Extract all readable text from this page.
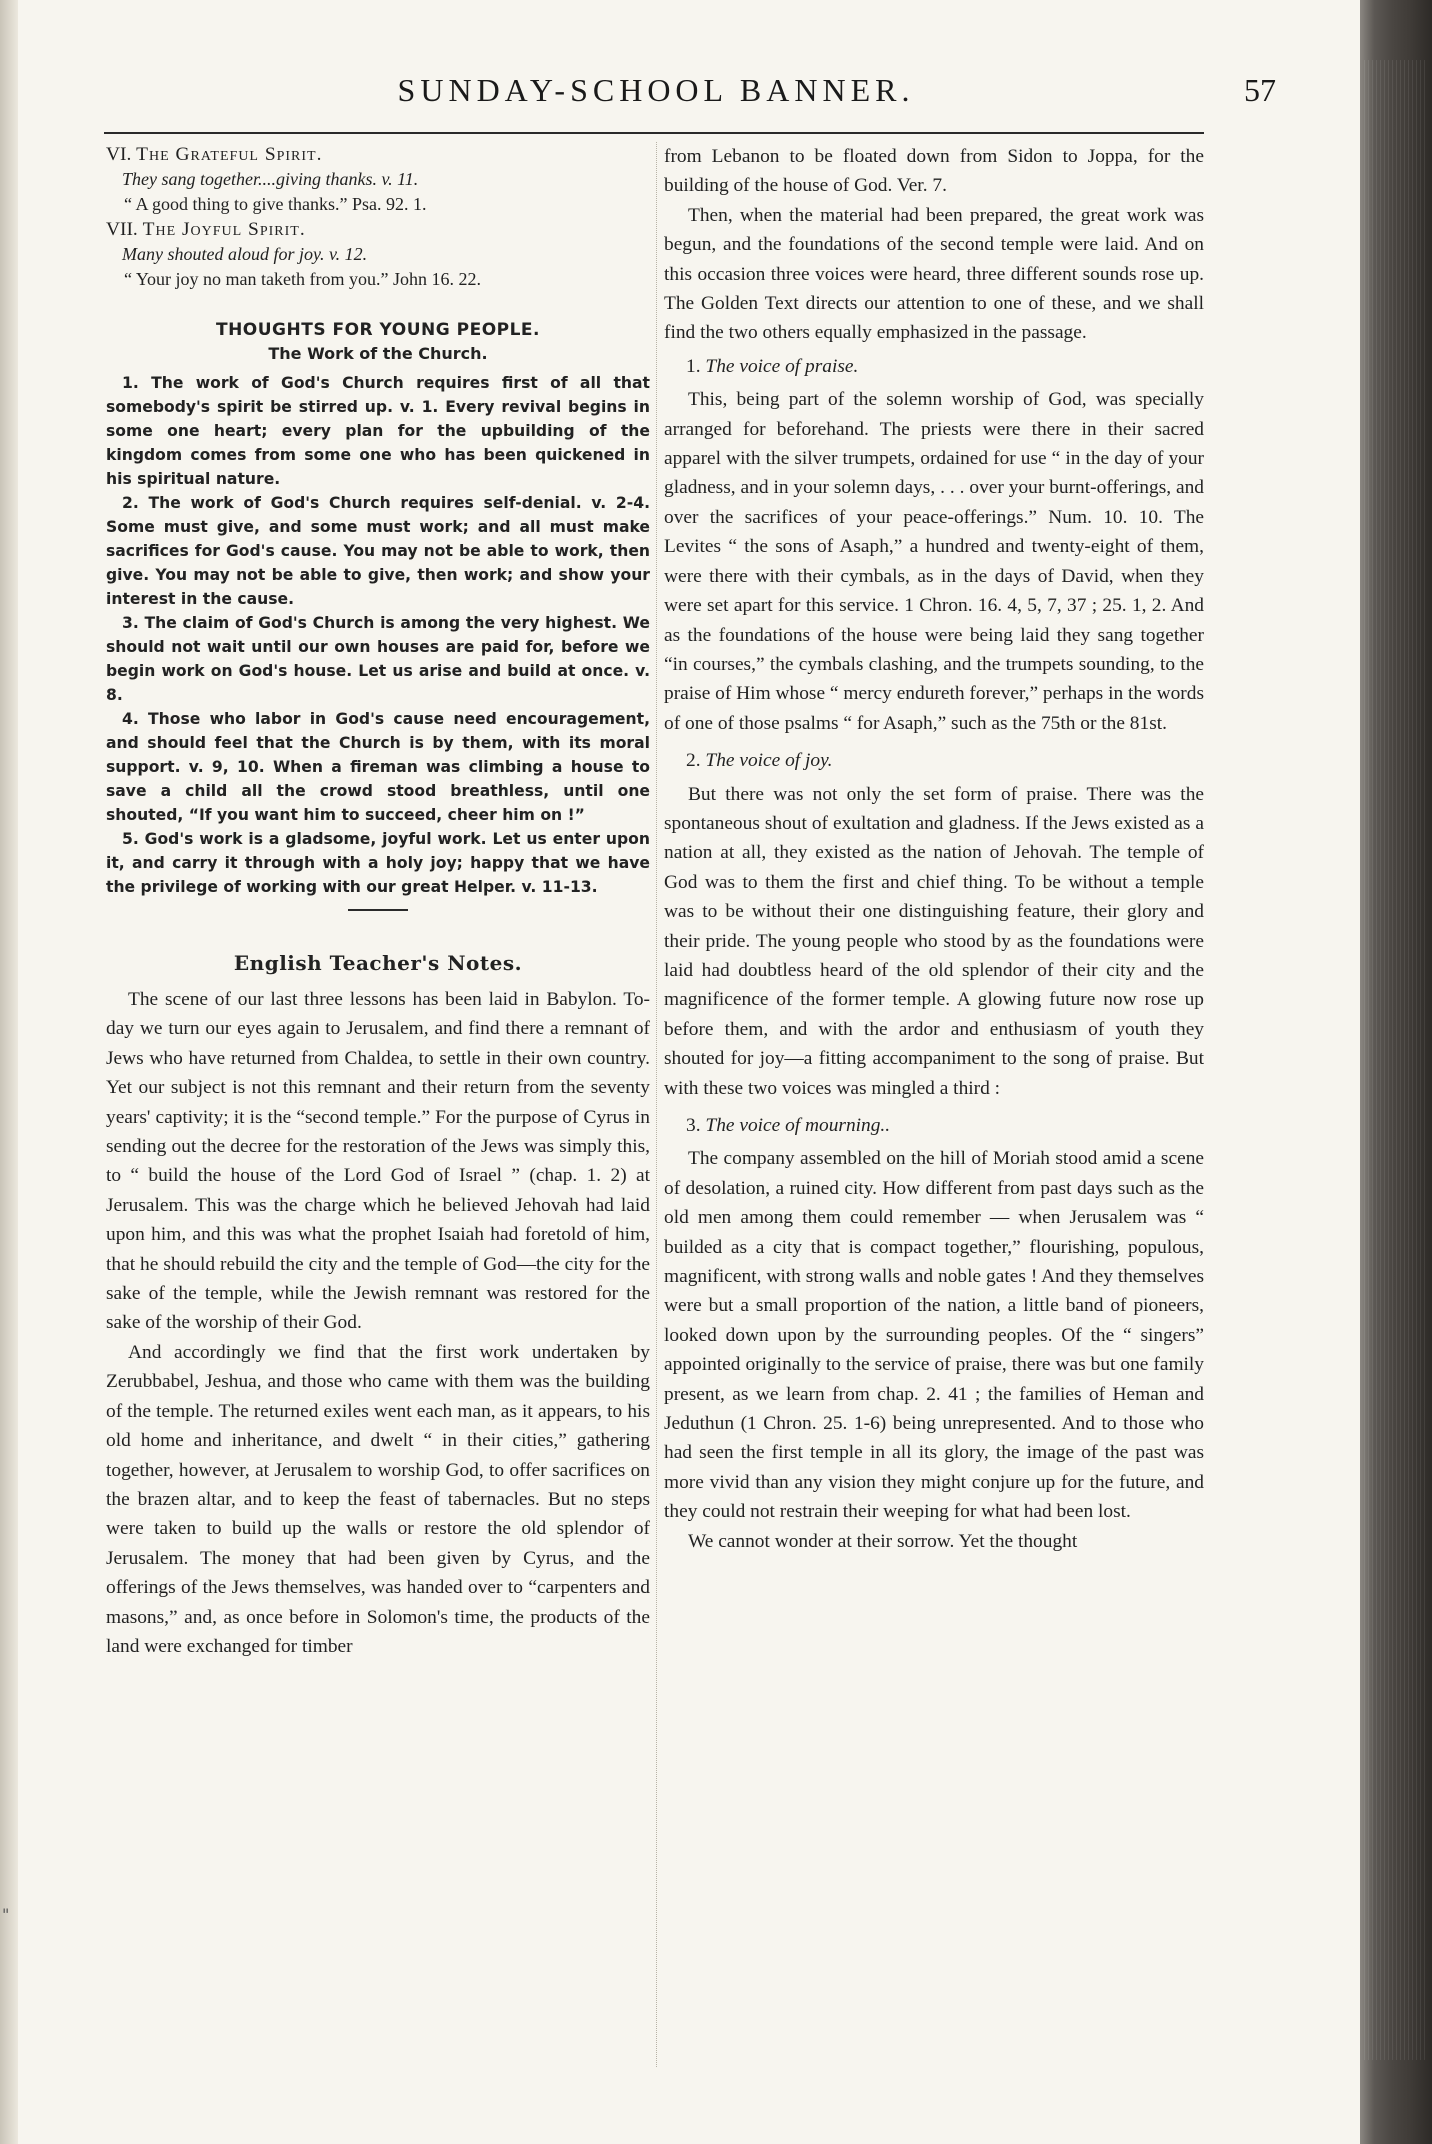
"
SUNDAY-SCHOOL BANNER.	57
VI. The Grateful Spirit.
They sang together....giving thanks. v. 11.
“ A good thing to give thanks.” Psa. 92. 1.
VII. The Joyful Spirit.
Many shouted aloud for joy. v. 12.
“ Your joy no man taketh from you.” John 16. 22.
THOUGHTS FOR YOUNG PEOPLE.
The Work of the Church.

1. The work of God's Church requires first of all that somebody's spirit be stirred up. v. 1. Every revival begins in some one heart; every plan for the upbuilding of the kingdom comes from some one who has been quickened in his spiritual nature.

2. The work of God's Church requires self-denial. v. 2-4. Some must give, and some must work; and all must make sacrifices for God's cause. You may not be able to work, then give. You may not be able to give, then work; and show your interest in the cause.

3. The claim of God's Church is among the very highest. We should not wait until our own houses are paid for, before we begin work on God's house. Let us arise and build at once. v. 8.

4. Those who labor in God's cause need encouragement, and should feel that the Church is by them, with its moral support. v. 9, 10. When a fireman was climbing a house to save a child all the crowd stood breathless, until one shouted, “If you want him to succeed, cheer him on !”

5. God's work is a gladsome, joyful work. Let us enter upon it, and carry it through with a holy joy; happy that we have the privilege of working with our great Helper. v. 11-13.

English Teacher's Notes.

The scene of our last three lessons has been laid in Babylon. To-day we turn our eyes again to Jerusalem, and find there a remnant of Jews who have returned from Chaldea, to settle in their own country. Yet our subject is not this remnant and their return from the seventy years' captivity; it is the “second temple.” For the purpose of Cyrus in sending out the decree for the restoration of the Jews was simply this, to “ build the house of the Lord God of Israel ” (chap. 1. 2) at Jerusalem. This was the charge which he believed Jehovah had laid upon him, and this was what the prophet Isaiah had foretold of him, that he should rebuild the city and the temple of God—the city for the sake of the temple, while the Jewish remnant was restored for the sake of the worship of their God.

And accordingly we find that the first work undertaken by Zerubbabel, Jeshua, and those who came with them was the building of the temple. The returned exiles went each man, as it appears, to his old home and inheritance, and dwelt “ in their cities,” gathering together, however, at Jerusalem to worship God, to offer sacrifices on the brazen altar, and to keep the feast of tabernacles. But no steps were taken to build up the walls or restore the old splendor of Jerusalem. The money that had been given by Cyrus, and the offerings of the Jews themselves, was handed over to “carpenters and masons,” and, as once before in Solomon's time, the products of the land were exchanged for timber

from Lebanon to be floated down from Sidon to Joppa, for the building of the house of God. Ver. 7.

Then, when the material had been prepared, the great work was begun, and the foundations of the second temple were laid. And on this occasion three voices were heard, three different sounds rose up. The Golden Text directs our attention to one of these, and we shall find the two others equally emphasized in the passage.

1. The voice of praise.

This, being part of the solemn worship of God, was specially arranged for beforehand. The priests were there in their sacred apparel with the silver trumpets, ordained for use “ in the day of your gladness, and in your solemn days, . . . over your burnt-offerings, and over the sacrifices of your peace-offerings.” Num. 10. 10. The Levites “ the sons of Asaph,” a hundred and twenty-eight of them, were there with their cymbals, as in the days of David, when they were set apart for this service. 1 Chron. 16. 4, 5, 7, 37 ; 25. 1, 2. And as the foundations of the house were being laid they sang together “in courses,” the cymbals clashing, and the trumpets sounding, to the praise of Him whose “ mercy endureth forever,” perhaps in the words of one of those psalms “ for Asaph,” such as the 75th or the 81st.

2. The voice of joy.

But there was not only the set form of praise. There was the spontaneous shout of exultation and gladness. If the Jews existed as a nation at all, they existed as the nation of Jehovah. The temple of God was to them the first and chief thing. To be without a temple was to be without their one distinguishing feature, their glory and their pride. The young people who stood by as the foundations were laid had doubtless heard of the old splendor of their city and the magnificence of the former temple. A glowing future now rose up before them, and with the ardor and enthusiasm of youth they shouted for joy—a fitting accompaniment to the song of praise. But with these two voices was mingled a third :

3. The voice of mourning..

The company assembled on the hill of Moriah stood amid a scene of desolation, a ruined city. How different from past days such as the old men among them could remember — when Jerusalem was “ builded as a city that is compact together,” flourishing, populous, magnificent, with strong walls and noble gates ! And they themselves were but a small proportion of the nation, a little band of pioneers, looked down upon by the surrounding peoples. Of the “ singers” appointed originally to the service of praise, there was but one family present, as we learn from chap. 2. 41 ; the families of Heman and Jeduthun (1 Chron. 25. 1-6) being unrepresented. And to those who had seen the first temple in all its glory, the image of the past was more vivid than any vision they might conjure up for the future, and they could not restrain their weeping for what had been lost.

We cannot wonder at their sorrow. Yet the thought
